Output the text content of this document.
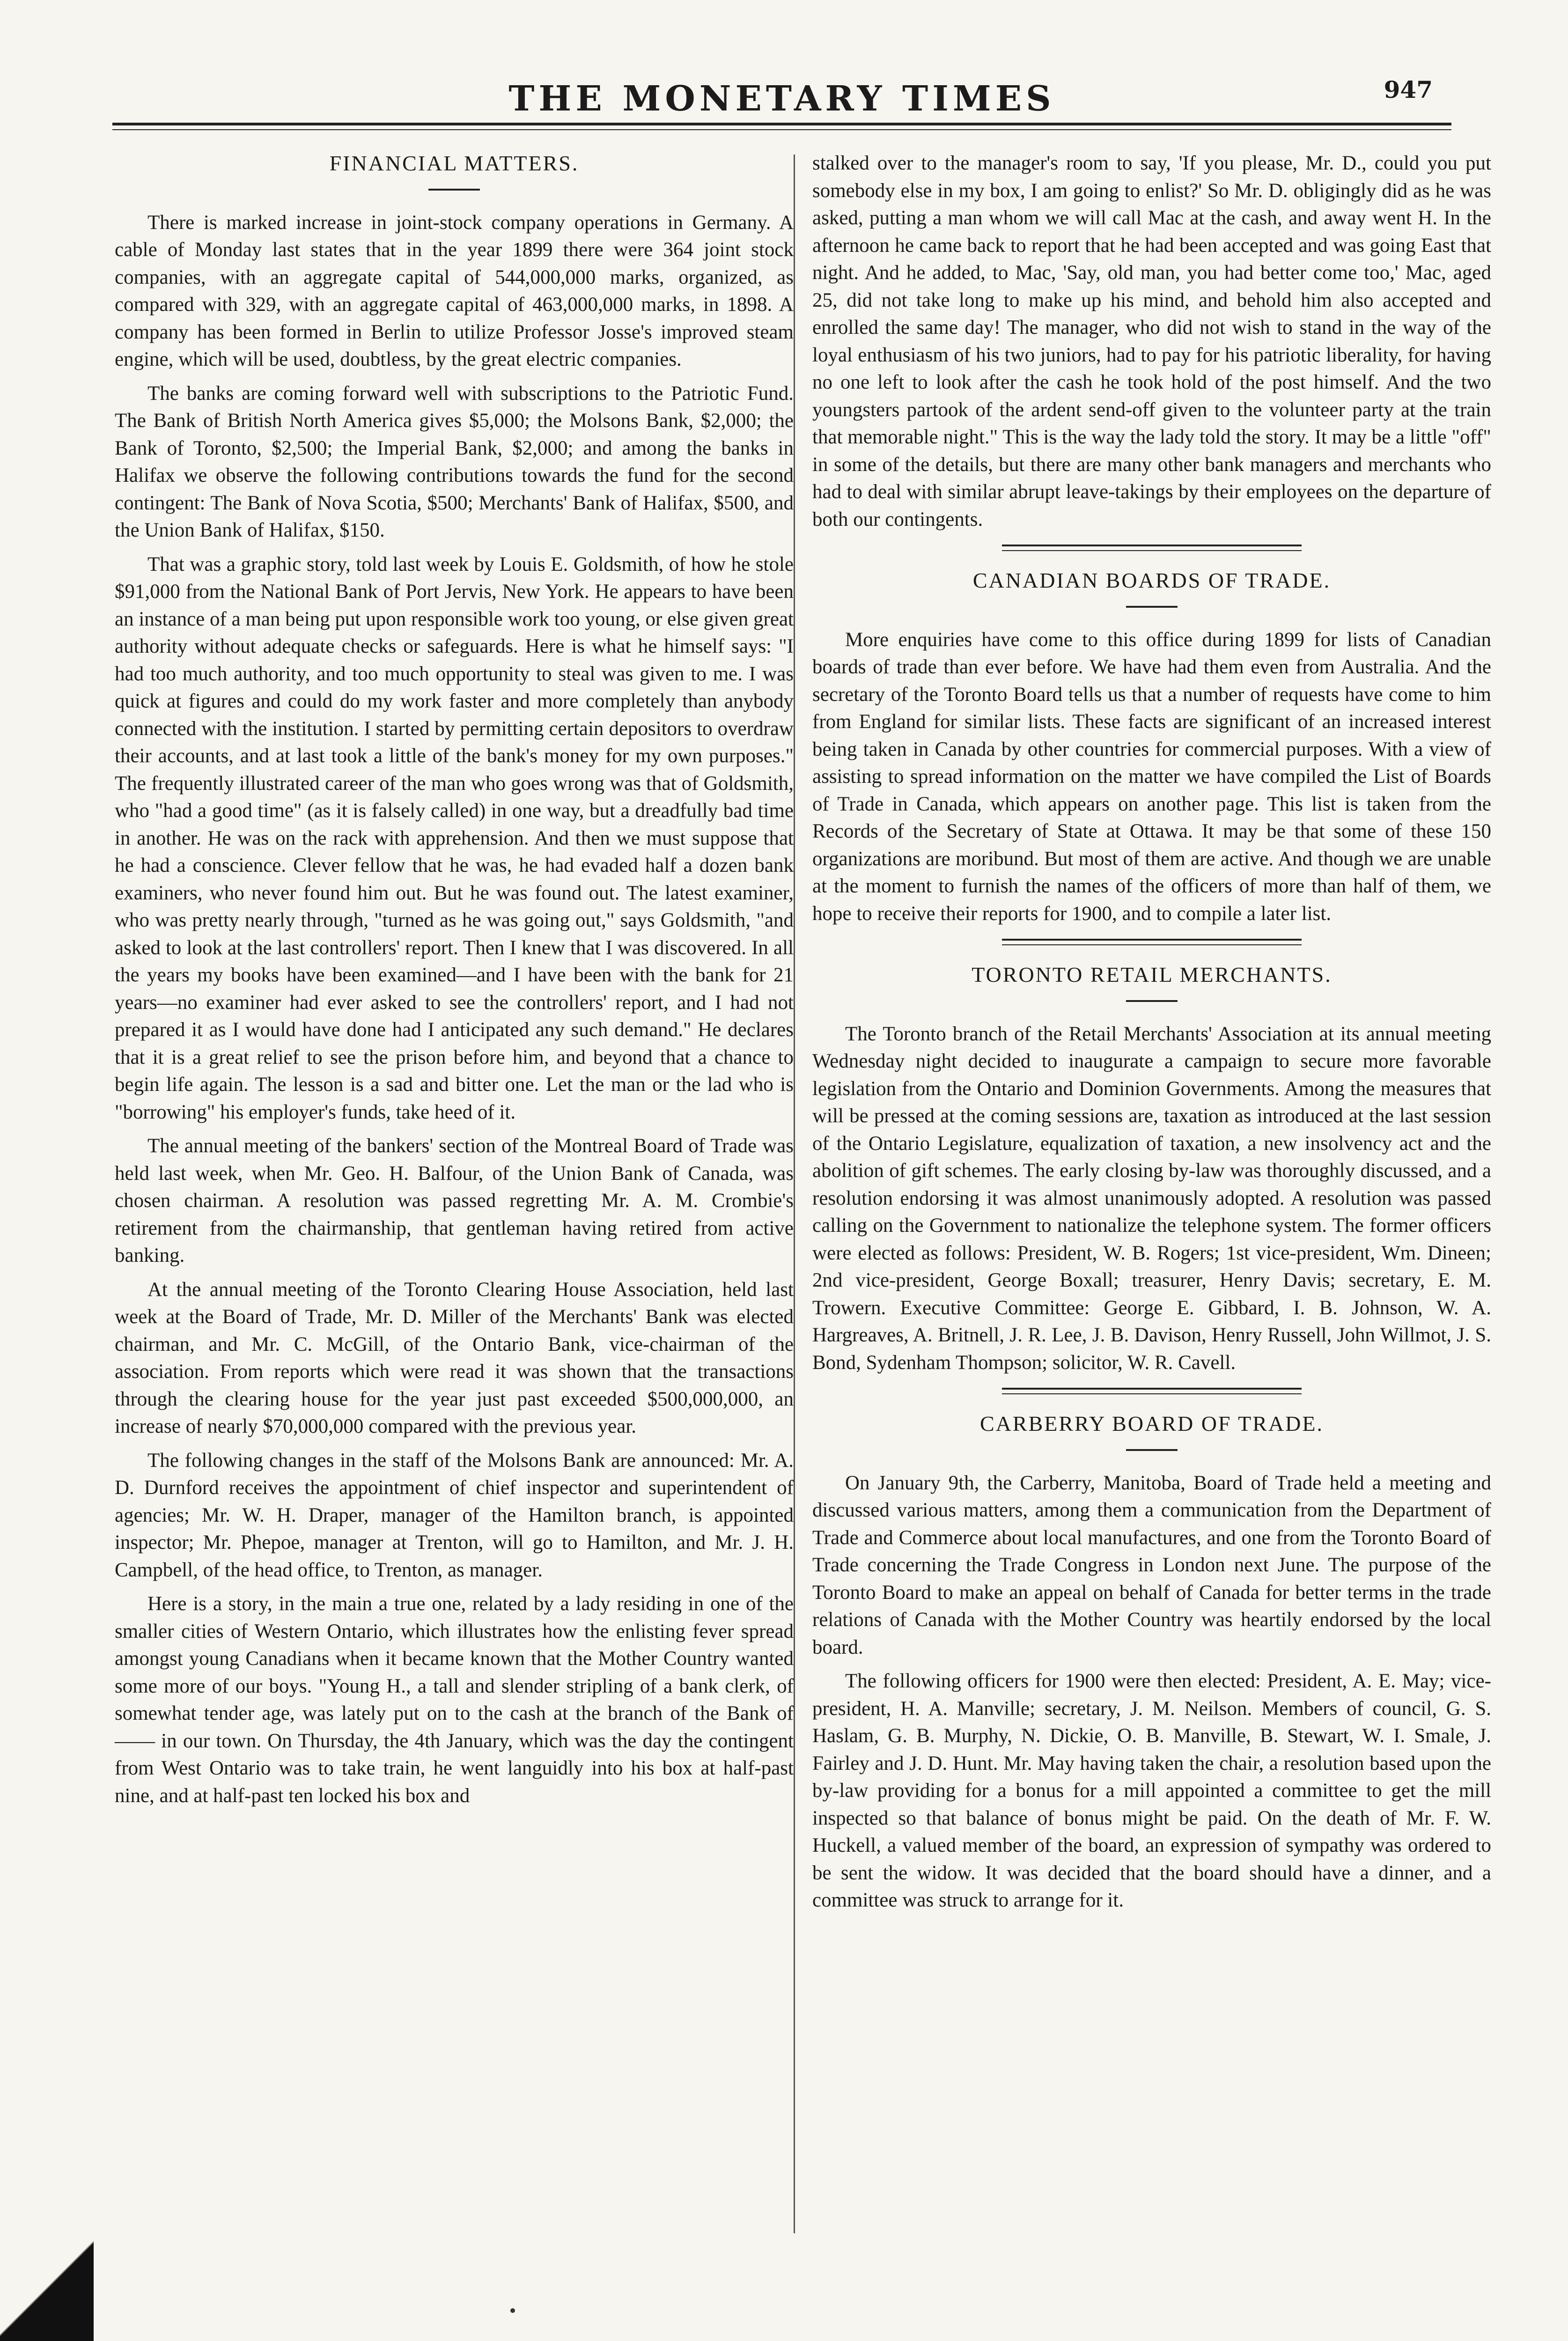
THE MONETARY TIMES	947
FINANCIAL MATTERS.

There is marked increase in joint-stock company operations in Germany. A cable of Monday last states that in the year 1899 there were 364 joint stock companies, with an aggregate capital of 544,000,000 marks, organized, as compared with 329, with an aggregate capital of 463,000,000 marks, in 1898. A company has been formed in Berlin to utilize Professor Josse's improved steam engine, which will be used, doubtless, by the great electric companies.

The banks are coming forward well with subscriptions to the Patriotic Fund. The Bank of British North America gives $5,000; the Molsons Bank, $2,000; the Bank of Toronto, $2,500; the Imperial Bank, $2,000; and among the banks in Halifax we observe the following contributions towards the fund for the second contingent: The Bank of Nova Scotia, $500; Merchants' Bank of Halifax, $500, and the Union Bank of Halifax, $150.

That was a graphic story, told last week by Louis E. Goldsmith, of how he stole $91,000 from the National Bank of Port Jervis, New York. He appears to have been an instance of a man being put upon responsible work too young, or else given great authority without adequate checks or safeguards. Here is what he himself says: "I had too much authority, and too much opportunity to steal was given to me. I was quick at figures and could do my work faster and more completely than anybody connected with the institution. I started by permitting certain depositors to overdraw their accounts, and at last took a little of the bank's money for my own purposes." The frequently illustrated career of the man who goes wrong was that of Goldsmith, who "had a good time" (as it is falsely called) in one way, but a dreadfully bad time in another. He was on the rack with apprehension. And then we must suppose that he had a conscience. Clever fellow that he was, he had evaded half a dozen bank examiners, who never found him out. But he was found out. The latest examiner, who was pretty nearly through, "turned as he was going out," says Goldsmith, "and asked to look at the last controllers' report. Then I knew that I was discovered. In all the years my books have been examined—and I have been with the bank for 21 years—no examiner had ever asked to see the controllers' report, and I had not prepared it as I would have done had I anticipated any such demand." He declares that it is a great relief to see the prison before him, and beyond that a chance to begin life again. The lesson is a sad and bitter one. Let the man or the lad who is "borrowing" his employer's funds, take heed of it.

The annual meeting of the bankers' section of the Montreal Board of Trade was held last week, when Mr. Geo. H. Balfour, of the Union Bank of Canada, was chosen chairman. A resolution was passed regretting Mr. A. M. Crombie's retirement from the chairmanship, that gentleman having retired from active banking.

At the annual meeting of the Toronto Clearing House Association, held last week at the Board of Trade, Mr. D. Miller of the Merchants' Bank was elected chairman, and Mr. C. McGill, of the Ontario Bank, vice-chairman of the association. From reports which were read it was shown that the transactions through the clearing house for the year just past exceeded $500,000,000, an increase of nearly $70,000,000 compared with the previous year.

The following changes in the staff of the Molsons Bank are announced: Mr. A. D. Durnford receives the appointment of chief inspector and superintendent of agencies; Mr. W. H. Draper, manager of the Hamilton branch, is appointed inspector; Mr. Phepoe, manager at Trenton, will go to Hamilton, and Mr. J. H. Campbell, of the head office, to Trenton, as manager.

Here is a story, in the main a true one, related by a lady residing in one of the smaller cities of Western Ontario, which illustrates how the enlisting fever spread amongst young Canadians when it became known that the Mother Country wanted some more of our boys. "Young H., a tall and slender stripling of a bank clerk, of somewhat tender age, was lately put on to the cash at the branch of the Bank of —— in our town. On Thursday, the 4th January, which was the day the contingent from West Ontario was to take train, he went languidly into his box at half-past nine, and at half-past ten locked his box and

stalked over to the manager's room to say, 'If you please, Mr. D., could you put somebody else in my box, I am going to enlist?' So Mr. D. obligingly did as he was asked, putting a man whom we will call Mac at the cash, and away went H. In the afternoon he came back to report that he had been accepted and was going East that night. And he added, to Mac, 'Say, old man, you had better come too,' Mac, aged 25, did not take long to make up his mind, and behold him also accepted and enrolled the same day! The manager, who did not wish to stand in the way of the loyal enthusiasm of his two juniors, had to pay for his patriotic liberality, for having no one left to look after the cash he took hold of the post himself. And the two youngsters partook of the ardent send-off given to the volunteer party at the train that memorable night." This is the way the lady told the story. It may be a little "off" in some of the details, but there are many other bank managers and merchants who had to deal with similar abrupt leave-takings by their employees on the departure of both our contingents.

CANADIAN BOARDS OF TRADE.

More enquiries have come to this office during 1899 for lists of Canadian boards of trade than ever before. We have had them even from Australia. And the secretary of the Toronto Board tells us that a number of requests have come to him from England for similar lists. These facts are significant of an increased interest being taken in Canada by other countries for commercial purposes. With a view of assisting to spread information on the matter we have compiled the List of Boards of Trade in Canada, which appears on another page. This list is taken from the Records of the Secretary of State at Ottawa. It may be that some of these 150 organizations are moribund. But most of them are active. And though we are unable at the moment to furnish the names of the officers of more than half of them, we hope to receive their reports for 1900, and to compile a later list.

TORONTO RETAIL MERCHANTS.

The Toronto branch of the Retail Merchants' Association at its annual meeting Wednesday night decided to inaugurate a campaign to secure more favorable legislation from the Ontario and Dominion Governments. Among the measures that will be pressed at the coming sessions are, taxation as introduced at the last session of the Ontario Legislature, equalization of taxation, a new insolvency act and the abolition of gift schemes. The early closing by-law was thoroughly discussed, and a resolution endorsing it was almost unanimously adopted. A resolution was passed calling on the Government to nationalize the telephone system. The former officers were elected as follows: President, W. B. Rogers; 1st vice-president, Wm. Dineen; 2nd vice-president, George Boxall; treasurer, Henry Davis; secretary, E. M. Trowern. Executive Committee: George E. Gibbard, I. B. Johnson, W. A. Hargreaves, A. Britnell, J. R. Lee, J. B. Davison, Henry Russell, John Willmot, J. S. Bond, Sydenham Thompson; solicitor, W. R. Cavell.

CARBERRY BOARD OF TRADE.

On January 9th, the Carberry, Manitoba, Board of Trade held a meeting and discussed various matters, among them a communication from the Department of Trade and Commerce about local manufactures, and one from the Toronto Board of Trade concerning the Trade Congress in London next June. The purpose of the Toronto Board to make an appeal on behalf of Canada for better terms in the trade relations of Canada with the Mother Country was heartily endorsed by the local board.

The following officers for 1900 were then elected: President, A. E. May; vice-president, H. A. Manville; secretary, J. M. Neilson. Members of council, G. S. Haslam, G. B. Murphy, N. Dickie, O. B. Manville, B. Stewart, W. I. Smale, J. Fairley and J. D. Hunt. Mr. May having taken the chair, a resolution based upon the by-law providing for a bonus for a mill appointed a committee to get the mill inspected so that balance of bonus might be paid. On the death of Mr. F. W. Huckell, a valued member of the board, an expression of sympathy was ordered to be sent the widow. It was decided that the board should have a dinner, and a committee was struck to arrange for it.
